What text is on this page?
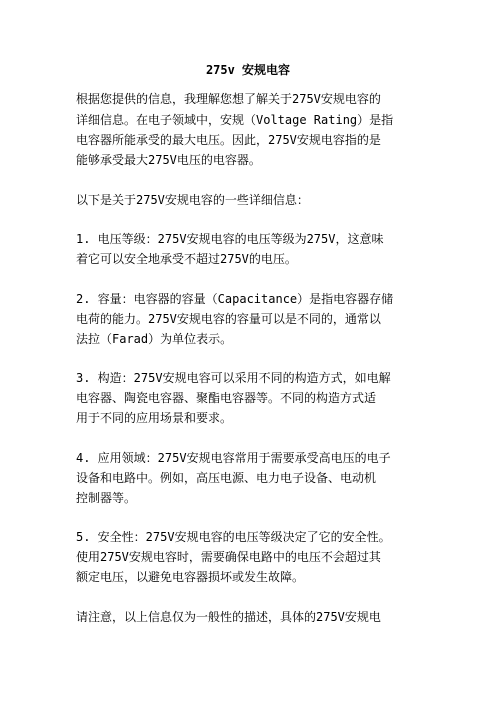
275v 安规电容
根据您提供的信息，我理解您想了解关于275V安规电容的
详细信息。在电子领域中，安规（Voltage Rating）是指
电容器所能承受的最大电压。因此，275V安规电容指的是
能够承受最大275V电压的电容器。
以下是关于275V安规电容的一些详细信息：
1. 电压等级：275V安规电容的电压等级为275V，这意味
着它可以安全地承受不超过275V的电压。
2. 容量：电容器的容量（Capacitance）是指电容器存储
电荷的能力。275V安规电容的容量可以是不同的，通常以
法拉（Farad）为单位表示。
3. 构造：275V安规电容可以采用不同的构造方式，如电解
电容器、陶瓷电容器、聚酯电容器等。不同的构造方式适
用于不同的应用场景和要求。
4. 应用领域：275V安规电容常用于需要承受高电压的电子
设备和电路中。例如，高压电源、电力电子设备、电动机
控制器等。
5. 安全性：275V安规电容的电压等级决定了它的安全性。
使用275V安规电容时，需要确保电路中的电压不会超过其
额定电压，以避免电容器损坏或发生故障。
请注意，以上信息仅为一般性的描述，具体的275V安规电
